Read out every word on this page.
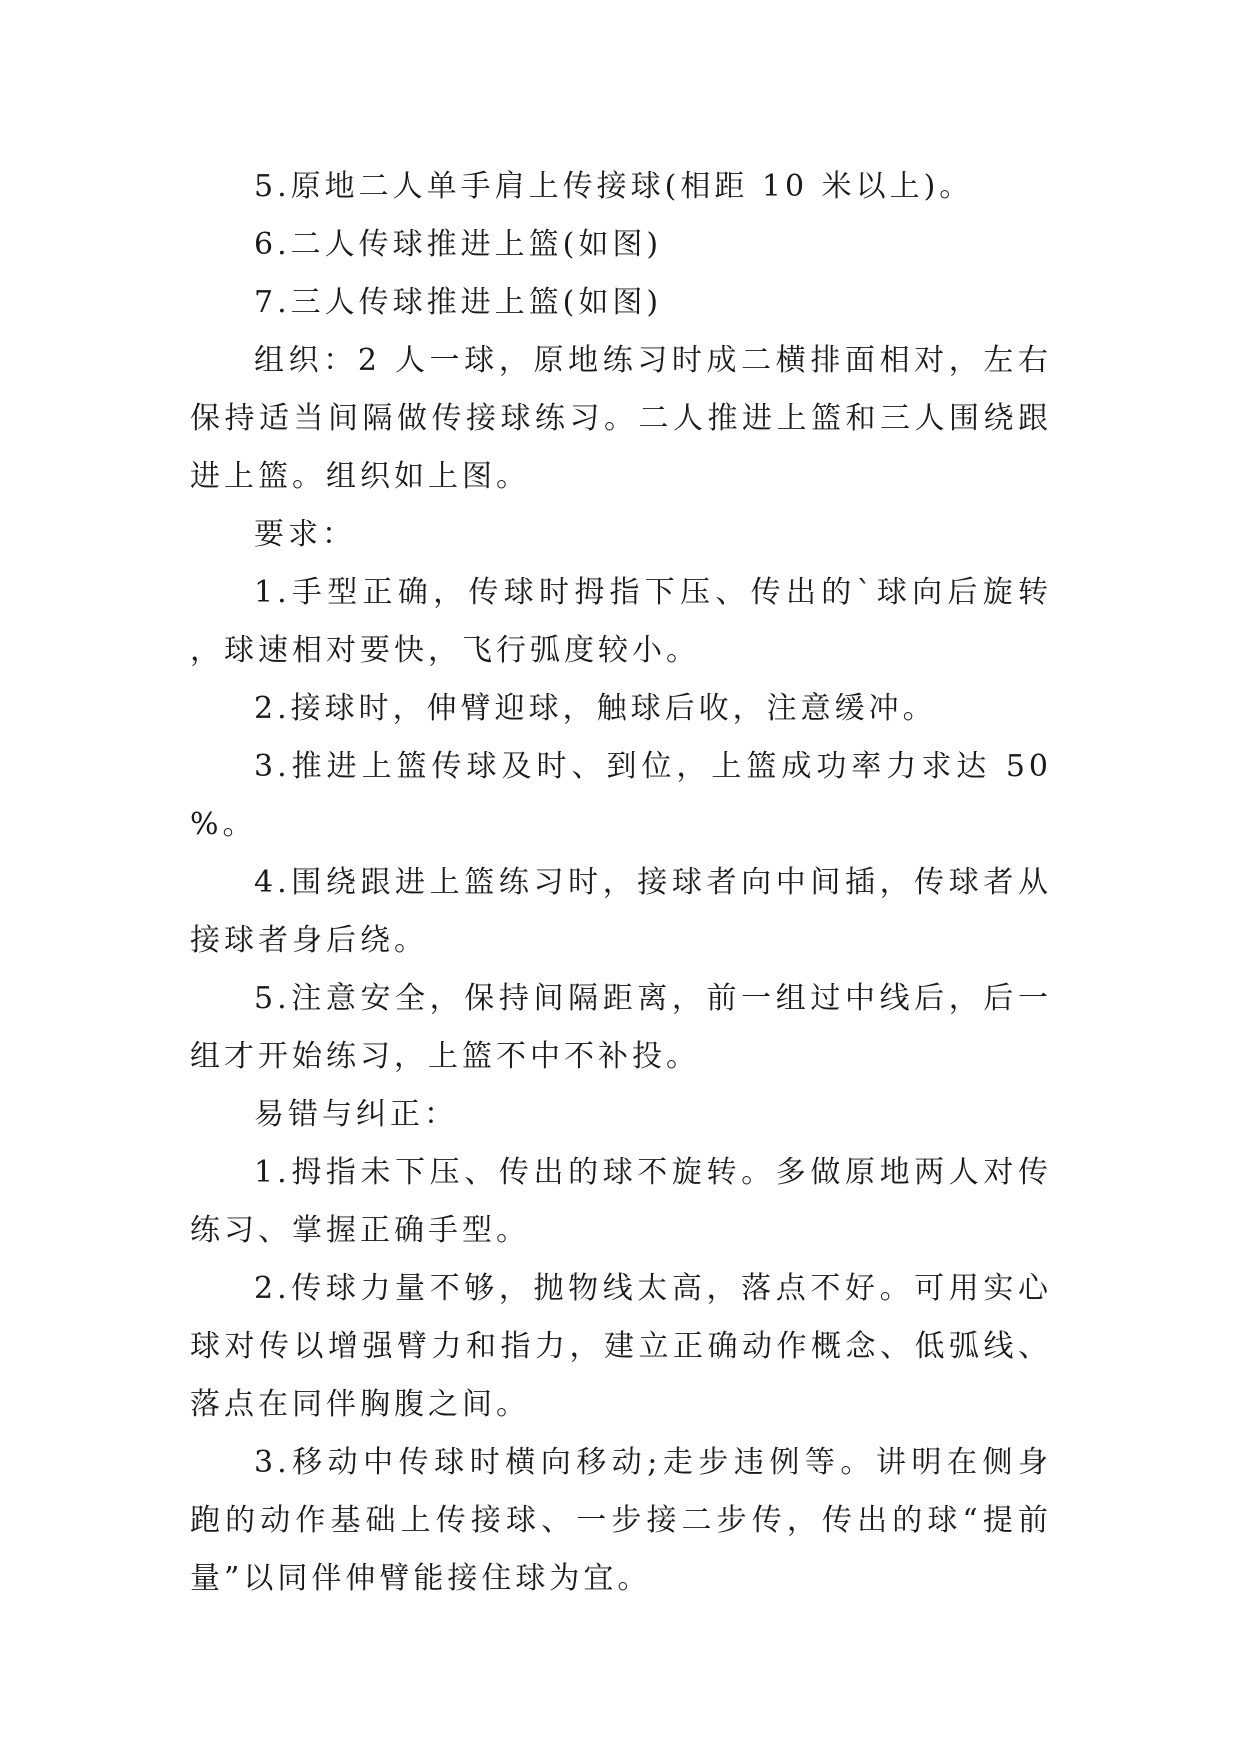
5.原地二人单手肩上传接球(相距 10 米以上)。

6.二人传球推进上篮(如图)

7.三人传球推进上篮(如图)

组织：2 人一球，原地练习时成二横排面相对，左右保持适当间隔做传接球练习。二人推进上篮和三人围绕跟进上篮。组织如上图。

要求：

1.手型正确，传球时拇指下压、传出的`球向后旋转，球速相对要快，飞行弧度较小。

2.接球时，伸臂迎球，触球后收，注意缓冲。

3.推进上篮传球及时、到位，上篮成功率力求达 50%。

4.围绕跟进上篮练习时，接球者向中间插，传球者从接球者身后绕。

5.注意安全，保持间隔距离，前一组过中线后，后一组才开始练习，上篮不中不补投。

易错与纠正：

1.拇指未下压、传出的球不旋转。多做原地两人对传练习、掌握正确手型。

2.传球力量不够，抛物线太高，落点不好。可用实心球对传以增强臂力和指力，建立正确动作概念、低弧线、落点在同伴胸腹之间。

3.移动中传球时横向移动;走步违例等。讲明在侧身跑的动作基础上传接球、一步接二步传，传出的球“提前量”以同伴伸臂能接住球为宜。
